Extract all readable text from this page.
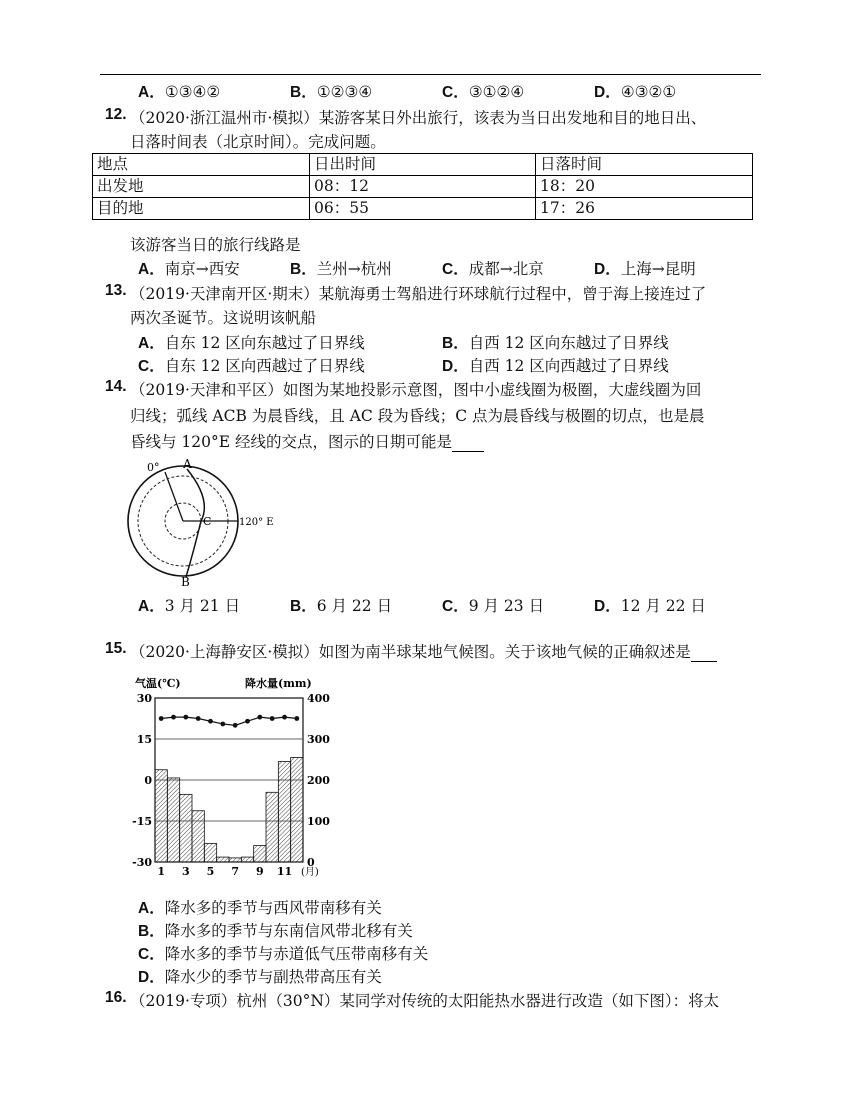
A．①③④②	B．①②③④	C．③①②④	D．④③②①
12. （2020·浙江温州市·模拟）某游客某日外出旅行，该表为当日出发地和目的地日出、
日落时间表（北京时间）。完成问题。
地点	日出时间	日落时间
出发地	08：12	18：20
目的地	06：55	17：26
该游客当日的旅行线路是
A．南京→西安	B．兰州→杭州	C．成都→北京	D．上海→昆明
13. （2019·天津南开区·期末）某航海勇士驾船进行环球航行过程中，曾于海上接连过了
两次圣诞节。这说明该帆船
A．自东 12 区向东越过了日界线	B．自西 12 区向东越过了日界线
C．自东 12 区向西越过了日界线	D．自西 12 区向西越过了日界线
14. （2019·天津和平区）如图为某地投影示意图，图中小虚线圈为极圈，大虚线圈为回
归线；弧线 ACB 为晨昏线，且 AC 段为昏线；C 点为晨昏线与极圈的切点，也是晨
昏线与 120°E 经线的交点，图示的日期可能是
0° A
B
C	120° E
A．3 月 21 日	B．6 月 22 日	C．9 月 23 日	D．12 月 22 日
15. （2020·上海静安区·模拟）如图为南半球某地气候图。关于该地气候的正确叙述是
30
15
0
-15
-30
400
300
200
100
0
1 3 5 7 9 11 (月)
气温(℃)	降水量(mm)
A．降水多的季节与西风带南移有关
B．降水多的季节与东南信风带北移有关
C．降水多的季节与赤道低气压带南移有关
D．降水少的季节与副热带高压有关
16. （2019·专项）杭州（30°N）某同学对传统的太阳能热水器进行改造（如下图）：将太
